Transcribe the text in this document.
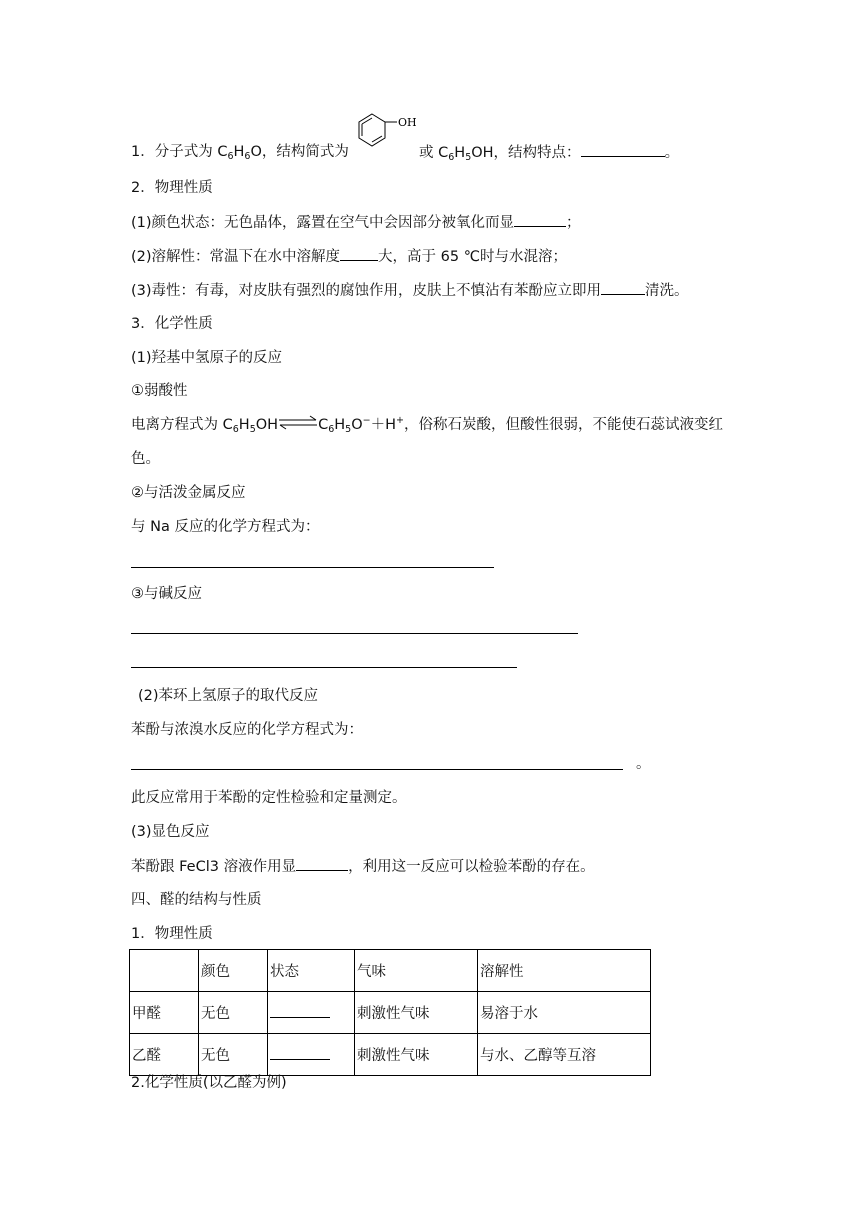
1．分子式为 $C_6H_6O$，结构简式为
OH
或 $C_6H_5OH$，结构特点：	。
2．物理性质
(1)颜色状态：无色晶体，露置在空气中会因部分被氧化而显	；
(2)溶解性：常温下在水中溶解度	大，高于 65 ℃时与水混溶；
(3)毒性：有毒，对皮肤有强烈的腐蚀作用，皮肤上不慎沾有苯酚应立即用	清洗。
3．化学性质
(1)羟基中氢原子的反应
①弱酸性
电离方程式为 $C_6H_5OH\rightleftharpoons C_6H_5O^-+H^+$，俗称石炭酸，但酸性很弱，不能使石蕊试液变红
色。
②与活泼金属反应
与 Na 反应的化学方程式为：
③与碱反应
(2)苯环上氢原子的取代反应
苯酚与浓溴水反应的化学方程式为：
。
此反应常用于苯酚的定性检验和定量测定。
(3)显色反应
苯酚跟 FeCl3 溶液作用显	，利用这一反应可以检验苯酚的存在。
四、醛的结构与性质
1．物理性质
	颜色	状态	气味	溶解性
甲醛	无色		刺激性气味	易溶于水
乙醛	无色		刺激性气味	与水、乙醇等互溶
2.化学性质(以乙醛为例)
